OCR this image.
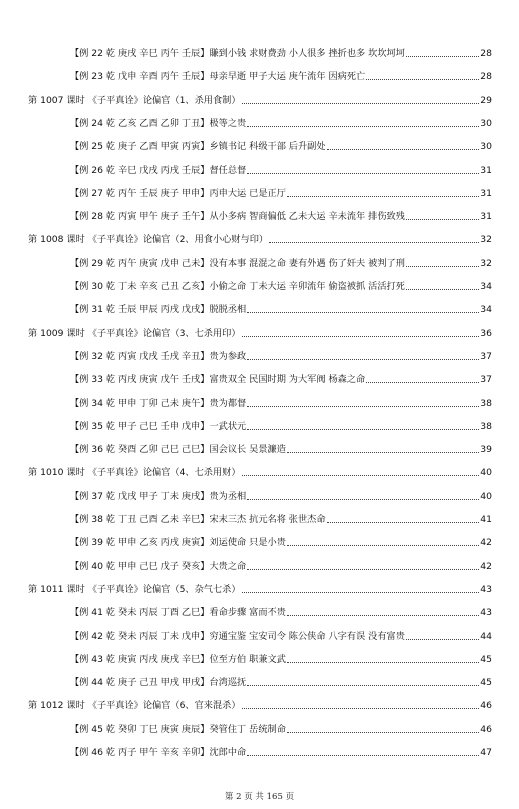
【例 22 乾 庚戌 辛巳 丙午 壬辰】賺到小钱 求财费劲 小人很多 挫折也多 坎坎坷坷	28
【例 23 乾 戊申 辛酉 丙午 壬辰】母亲早逝 甲子大运 庚午流年 因病死亡	28
第 1007 课时 《子平真诠》论偏官（1、杀用食制）	29
【例 24 乾 乙亥 乙酉 乙卯 丁丑】极等之贵	30
【例 25 乾 庚子 乙酉 甲寅 丙寅】乡镇书记 科级干部 后升副处	30
【例 26 乾 辛巳 戊戌 丙戌 壬辰】督任总督	31
【例 27 乾 丙午 壬辰 庚子 甲申】丙申大运 已是正厅	31
【例 28 乾 丙寅 甲午 庚子 壬午】从小多病 智商偏低 乙未大运 辛未流年 排伤致残	31
第 1008 课时 《子平真诠》论偏官（2、用食小心财与印）	32
【例 29 乾 丙午 庚寅 戊申 己未】没有本事 混混之命 妻有外遇 伤了奸夫 被判了刑	32
【例 30 乾 丁未 辛亥 己丑 乙亥】小偷之命 丁未大运 辛卯流年 偷盗被抓 活活打死	34
【例 31 乾 壬辰 甲辰 丙戌 戊戌】脱脱丞相	34
第 1009 课时 《子平真诠》论偏官（3、七杀用印）	36
【例 32 乾 丙寅 戊戌 壬戌 辛丑】贵为参政	37
【例 33 乾 丙戌 庚寅 戊午 壬戌】富贵双全 民国时期 为大军阀 杨森之命	37
【例 34 乾 甲申 丁卯 己未 庚午】贵为都督	38
【例 35 乾 甲子 己巳 壬申 戊申】一武状元	38
【例 36 乾 癸酉 乙卯 己巳 己巳】国会议长 吴景濂造	39
第 1010 课时 《子平真诠》论偏官（4、七杀用财）	40
【例 37 乾 戊戌 甲子 丁未 庚戌】贵为丞相	40
【例 38 乾 丁丑 己酉 乙未 辛巳】宋末三杰 抗元名将 张世杰命	41
【例 39 乾 甲申 乙亥 丙戌 庚寅】刘运使命 只是小贵	42
【例 40 乾 甲申 己巳 戊子 癸亥】大贵之命	42
第 1011 课时 《子平真诠》论偏官（5、杂气七杀）	43
【例 41 乾 癸未 丙辰 丁酉 乙巳】看命步骤 富而不贵	43
【例 42 乾 癸未 丙辰 丁未 戊申】穷通宝鉴 宝安司令 陈公侠命 八字有误 没有富贵	44
【例 43 乾 庚寅 丙戌 庚戌 辛巳】位至方伯 职兼文武	45
【例 44 乾 庚子 己丑 甲戌 甲戌】台湾巡抚	45
第 1012 课时 《子平真诠》论偏官（6、官来混杀）	46
【例 45 乾 癸卯 丁巳 庚寅 庚辰】癸管住丁 岳统制命	46
【例 46 乾 丙子 甲午 辛亥 辛卯】沈郎中命	47
第 2 页 共 165 页
